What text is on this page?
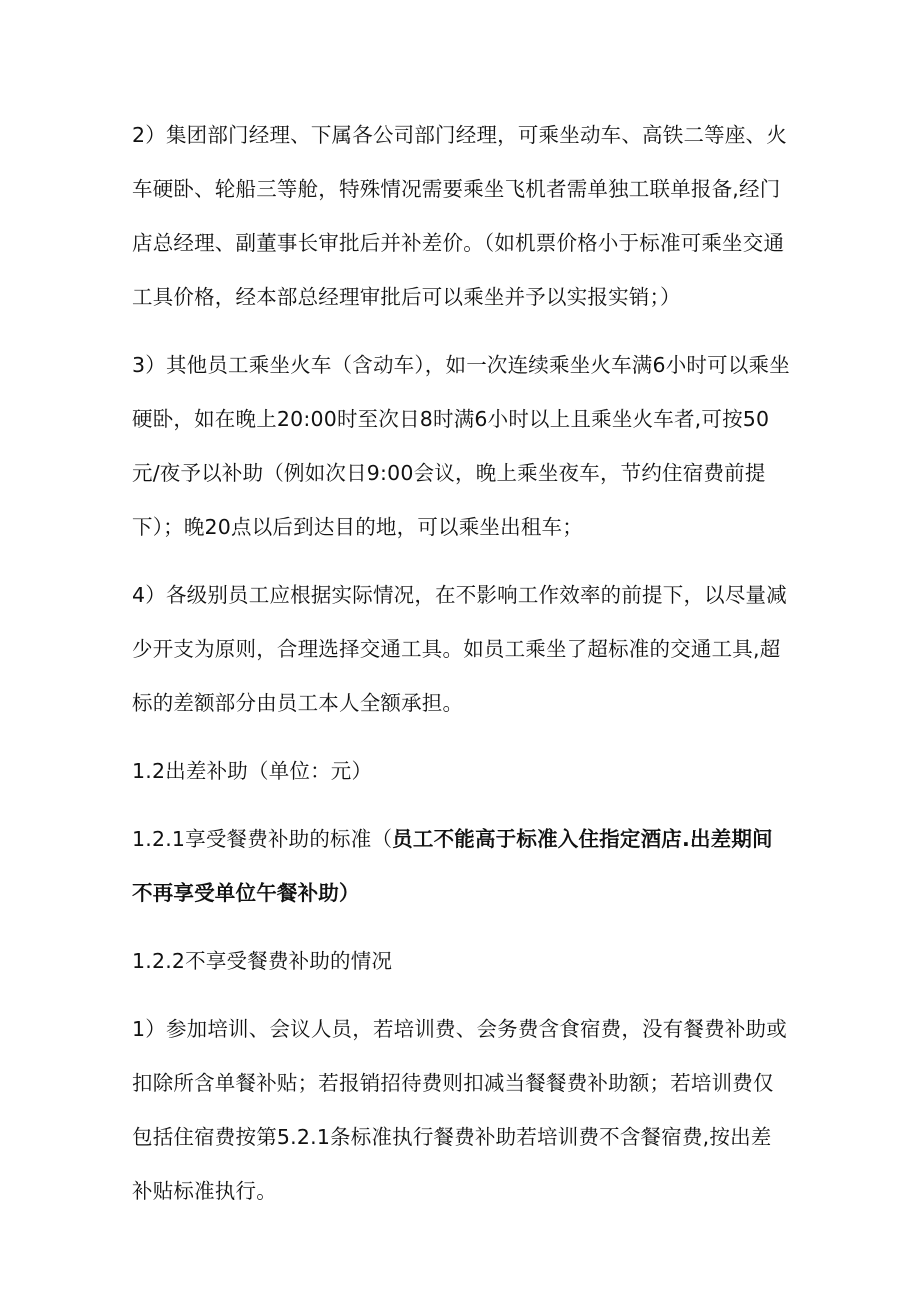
2）集团部门经理、下属各公司部门经理，可乘坐动车、高铁二等座、火车硬卧、轮船三等舱，特殊情况需要乘坐飞机者需单独工联单报备,经门店总经理、副董事长审批后并补差价。（如机票价格小于标准可乘坐交通工具价格，经本部总经理审批后可以乘坐并予以实报实销；）

3）其他员工乘坐火车（含动车），如一次连续乘坐火车满6小时可以乘坐硬卧，如在晚上20:00时至次日8时满6小时以上且乘坐火车者,可按50元/夜予以补助（例如次日9:00会议，晚上乘坐夜车，节约住宿费前提下）；晚20点以后到达目的地，可以乘坐出租车；

4）各级别员工应根据实际情况，在不影响工作效率的前提下，以尽量减少开支为原则，合理选择交通工具。如员工乘坐了超标准的交通工具,超标的差额部分由员工本人全额承担。

1.2出差补助（单位：元）

1.2.1享受餐费补助的标准（员工不能高于标准入住指定酒店.出差期间不再享受单位午餐补助）

1.2.2不享受餐费补助的情况

1）参加培训、会议人员，若培训费、会务费含食宿费，没有餐费补助或扣除所含单餐补贴；若报销招待费则扣减当餐餐费补助额；若培训费仅包括住宿费按第5.2.1条标准执行餐费补助若培训费不含餐宿费,按出差补贴标准执行。
